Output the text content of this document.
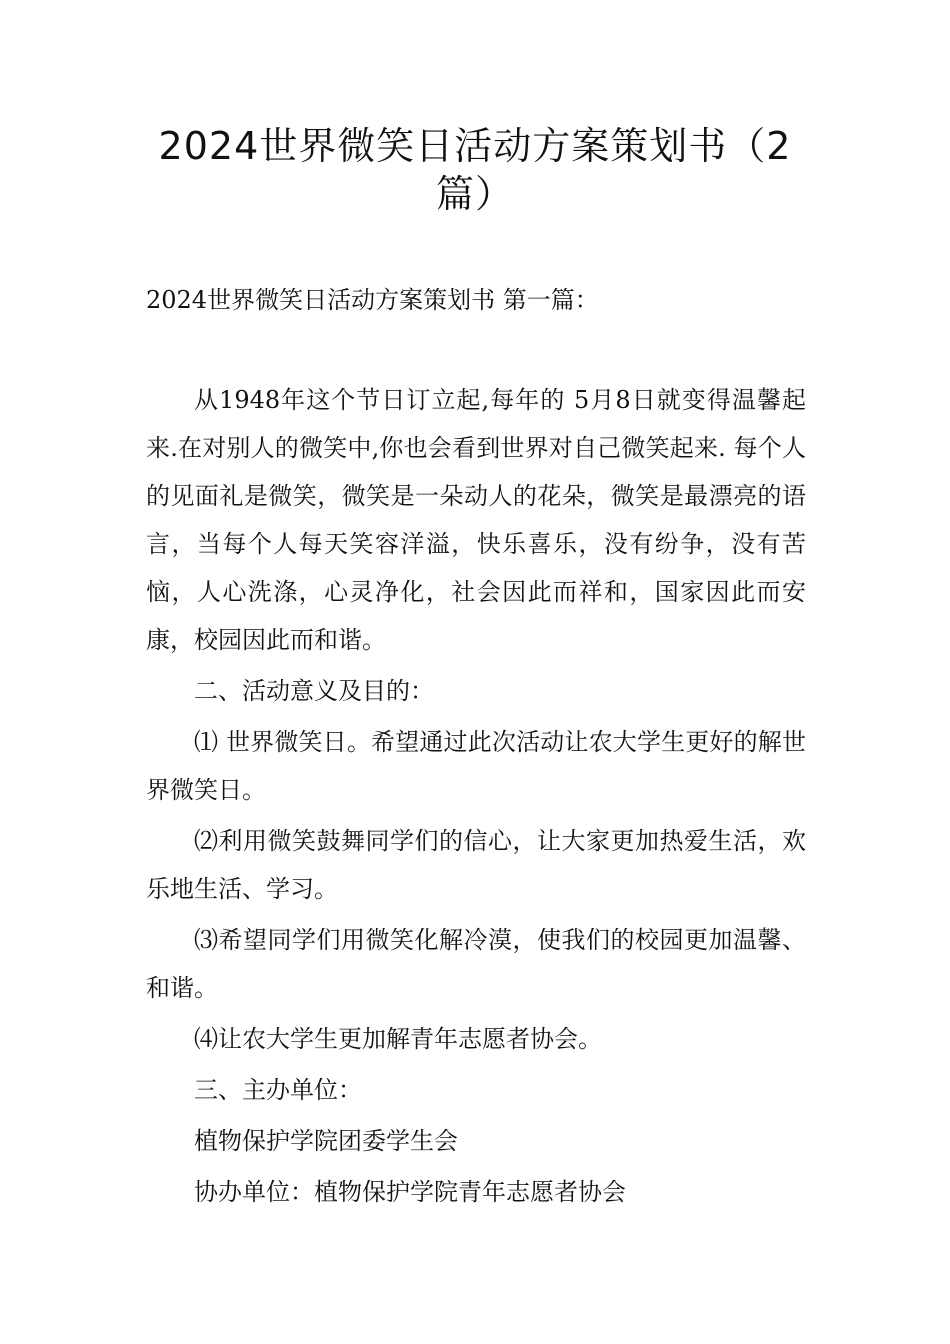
2024世界微笑日活动方案策划书（2篇）

2024世界微笑日活动方案策划书 第一篇：

从1948年这个节日订立起,每年的 5月8日就变得温馨起来.在对别人的微笑中,你也会看到世界对自己微笑起来. 每个人的见面礼是微笑，微笑是一朵动人的花朵，微笑是最漂亮的语言，当每个人每天笑容洋溢，快乐喜乐，没有纷争，没有苦恼，人心洗涤，心灵净化，社会因此而祥和，国家因此而安康，校园因此而和谐。

二、活动意义及目的：

⑴ 世界微笑日。希望通过此次活动让农大学生更好的解世界微笑日。

⑵利用微笑鼓舞同学们的信心，让大家更加热爱生活，欢乐地生活、学习。

⑶希望同学们用微笑化解冷漠，使我们的校园更加温馨、和谐。

⑷让农大学生更加解青年志愿者协会。

三、主办单位：

植物保护学院团委学生会

协办单位：植物保护学院青年志愿者协会
